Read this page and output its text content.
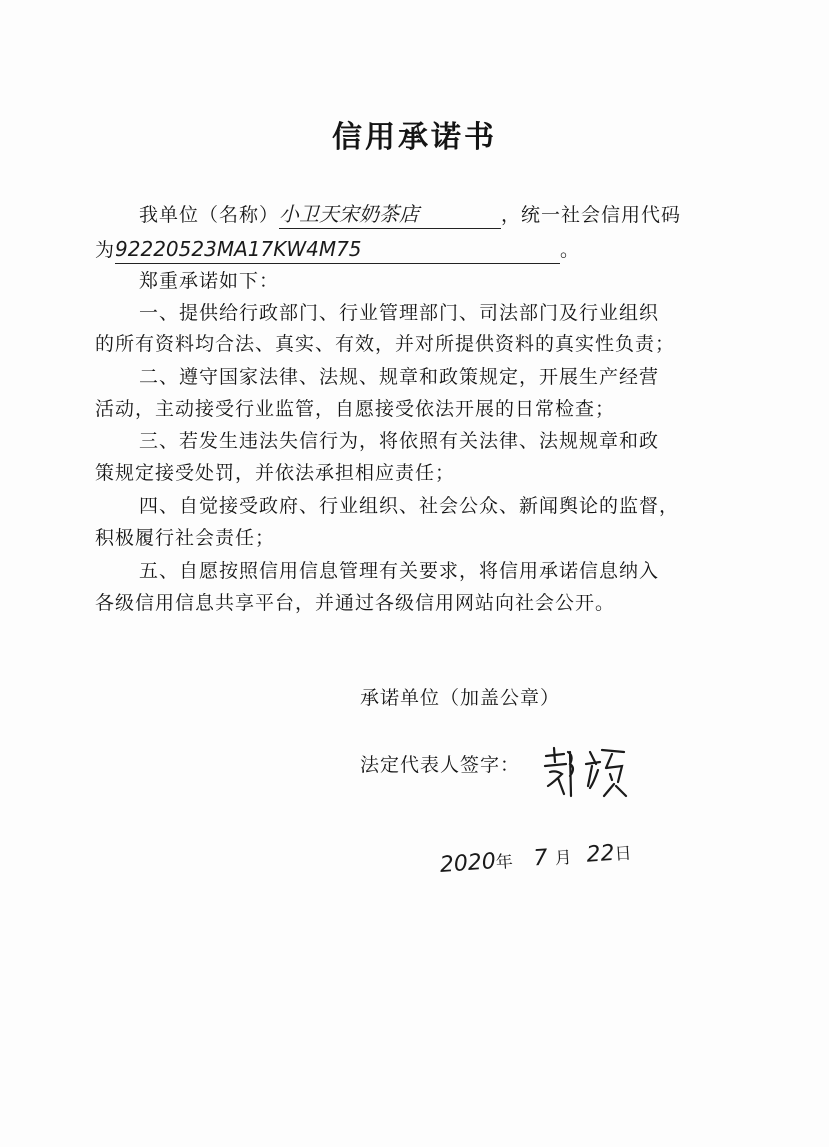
信用承诺书
我单位（名称）小卫天宋奶茶店	，统一社会信用代码
为92220523MA17KW4M75	。
郑重承诺如下：
一、提供给行政部门、行业管理部门、司法部门及行业组织
的所有资料均合法、真实、有效，并对所提供资料的真实性负责；
二、遵守国家法律、法规、规章和政策规定，开展生产经营
活动，主动接受行业监管，自愿接受依法开展的日常检查；
三、若发生违法失信行为，将依照有关法律、法规规章和政
策规定接受处罚，并依法承担相应责任；
四、自觉接受政府、行业组织、社会公众、新闻舆论的监督，
积极履行社会责任；
五、自愿按照信用信息管理有关要求，将信用承诺信息纳入
各级信用信息共享平台，并通过各级信用网站向社会公开。
承诺单位（加盖公章）
法定代表人签字：
2020年 7 月 22日
